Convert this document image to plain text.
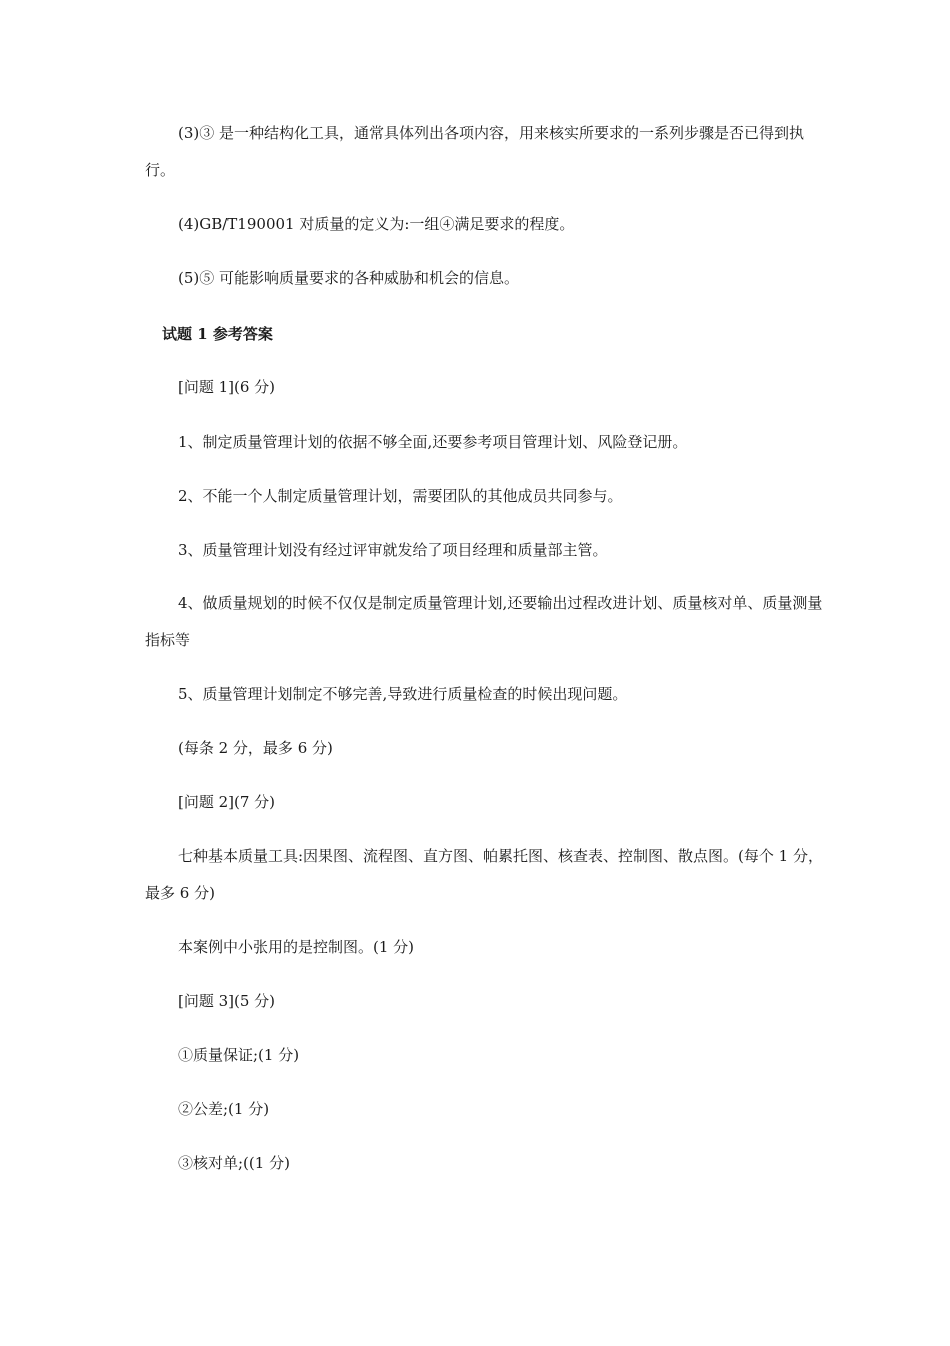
(3)③ 是一种结构化工具，通常具体列出各项内容，用来核实所要求的一系列步骤是否已得到执行。

(4)GB/T190001 对质量的定义为:一组④满足要求的程度。

(5)⑤ 可能影响质量要求的各种威胁和机会的信息。

试题 1 参考答案

[问题 1](6 分)

1、制定质量管理计划的依据不够全面,还要参考项目管理计划、风险登记册。

2、不能一个人制定质量管理计划，需要团队的其他成员共同参与。

3、质量管理计划没有经过评审就发给了项目经理和质量部主管。

4、做质量规划的时候不仅仅是制定质量管理计划,还要输出过程改进计划、质量核对单、质量测量指标等

5、质量管理计划制定不够完善,导致进行质量检查的时候出现问题。

(每条 2 分，最多 6 分)

[问题 2](7 分)

七种基本质量工具:因果图、流程图、直方图、帕累托图、核查表、控制图、散点图。(每个 1 分，最多 6 分)

本案例中小张用的是控制图。(1 分)

[问题 3](5 分)

①质量保证;(1 分)

②公差;(1 分)

③核对单;((1 分)
